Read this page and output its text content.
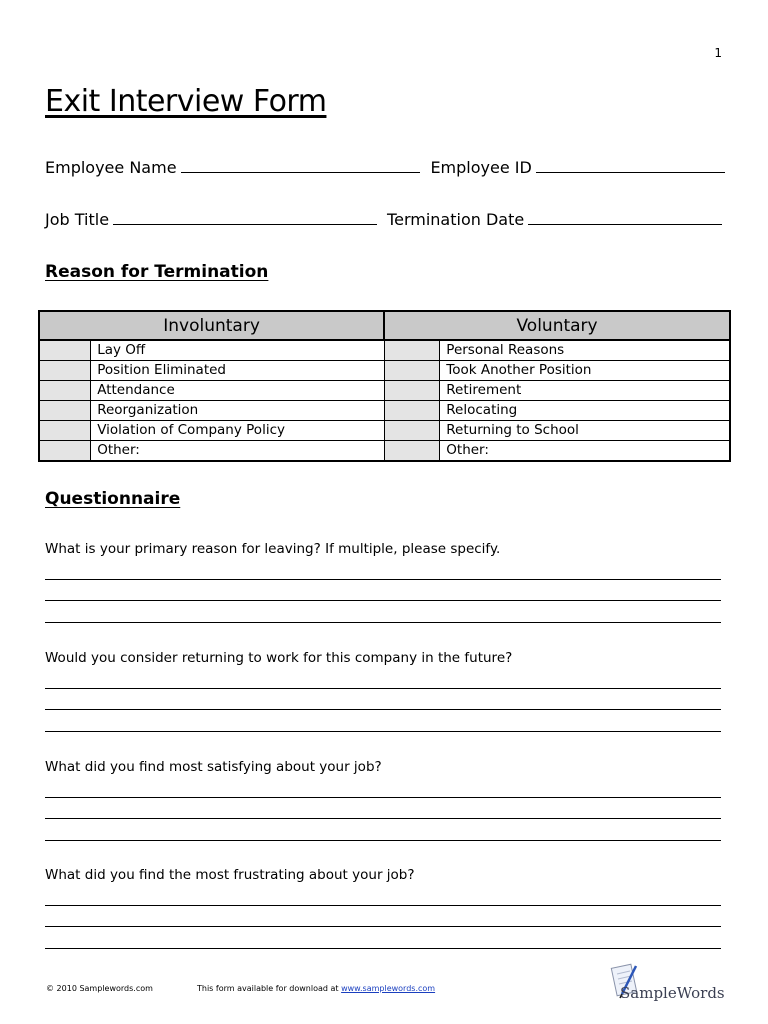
1
Exit Interview Form
Employee Name	Employee ID
Job Title	Termination Date
Reason for Termination
Involuntary		Voluntary	
	Lay Off		Personal Reasons
	Position Eliminated		Took Another Position
	Attendance		Retirement
	Reorganization		Relocating
	Violation of Company Policy		Returning to School
	Other:		Other:
Questionnaire
What is your primary reason for leaving? If multiple, please specify.
Would you consider returning to work for this company in the future?
What did you find most satisfying about your job?
What did you find the most frustrating about your job?
© 2010 Samplewords.com	This form available for download at www.samplewords.com	SampleWords
